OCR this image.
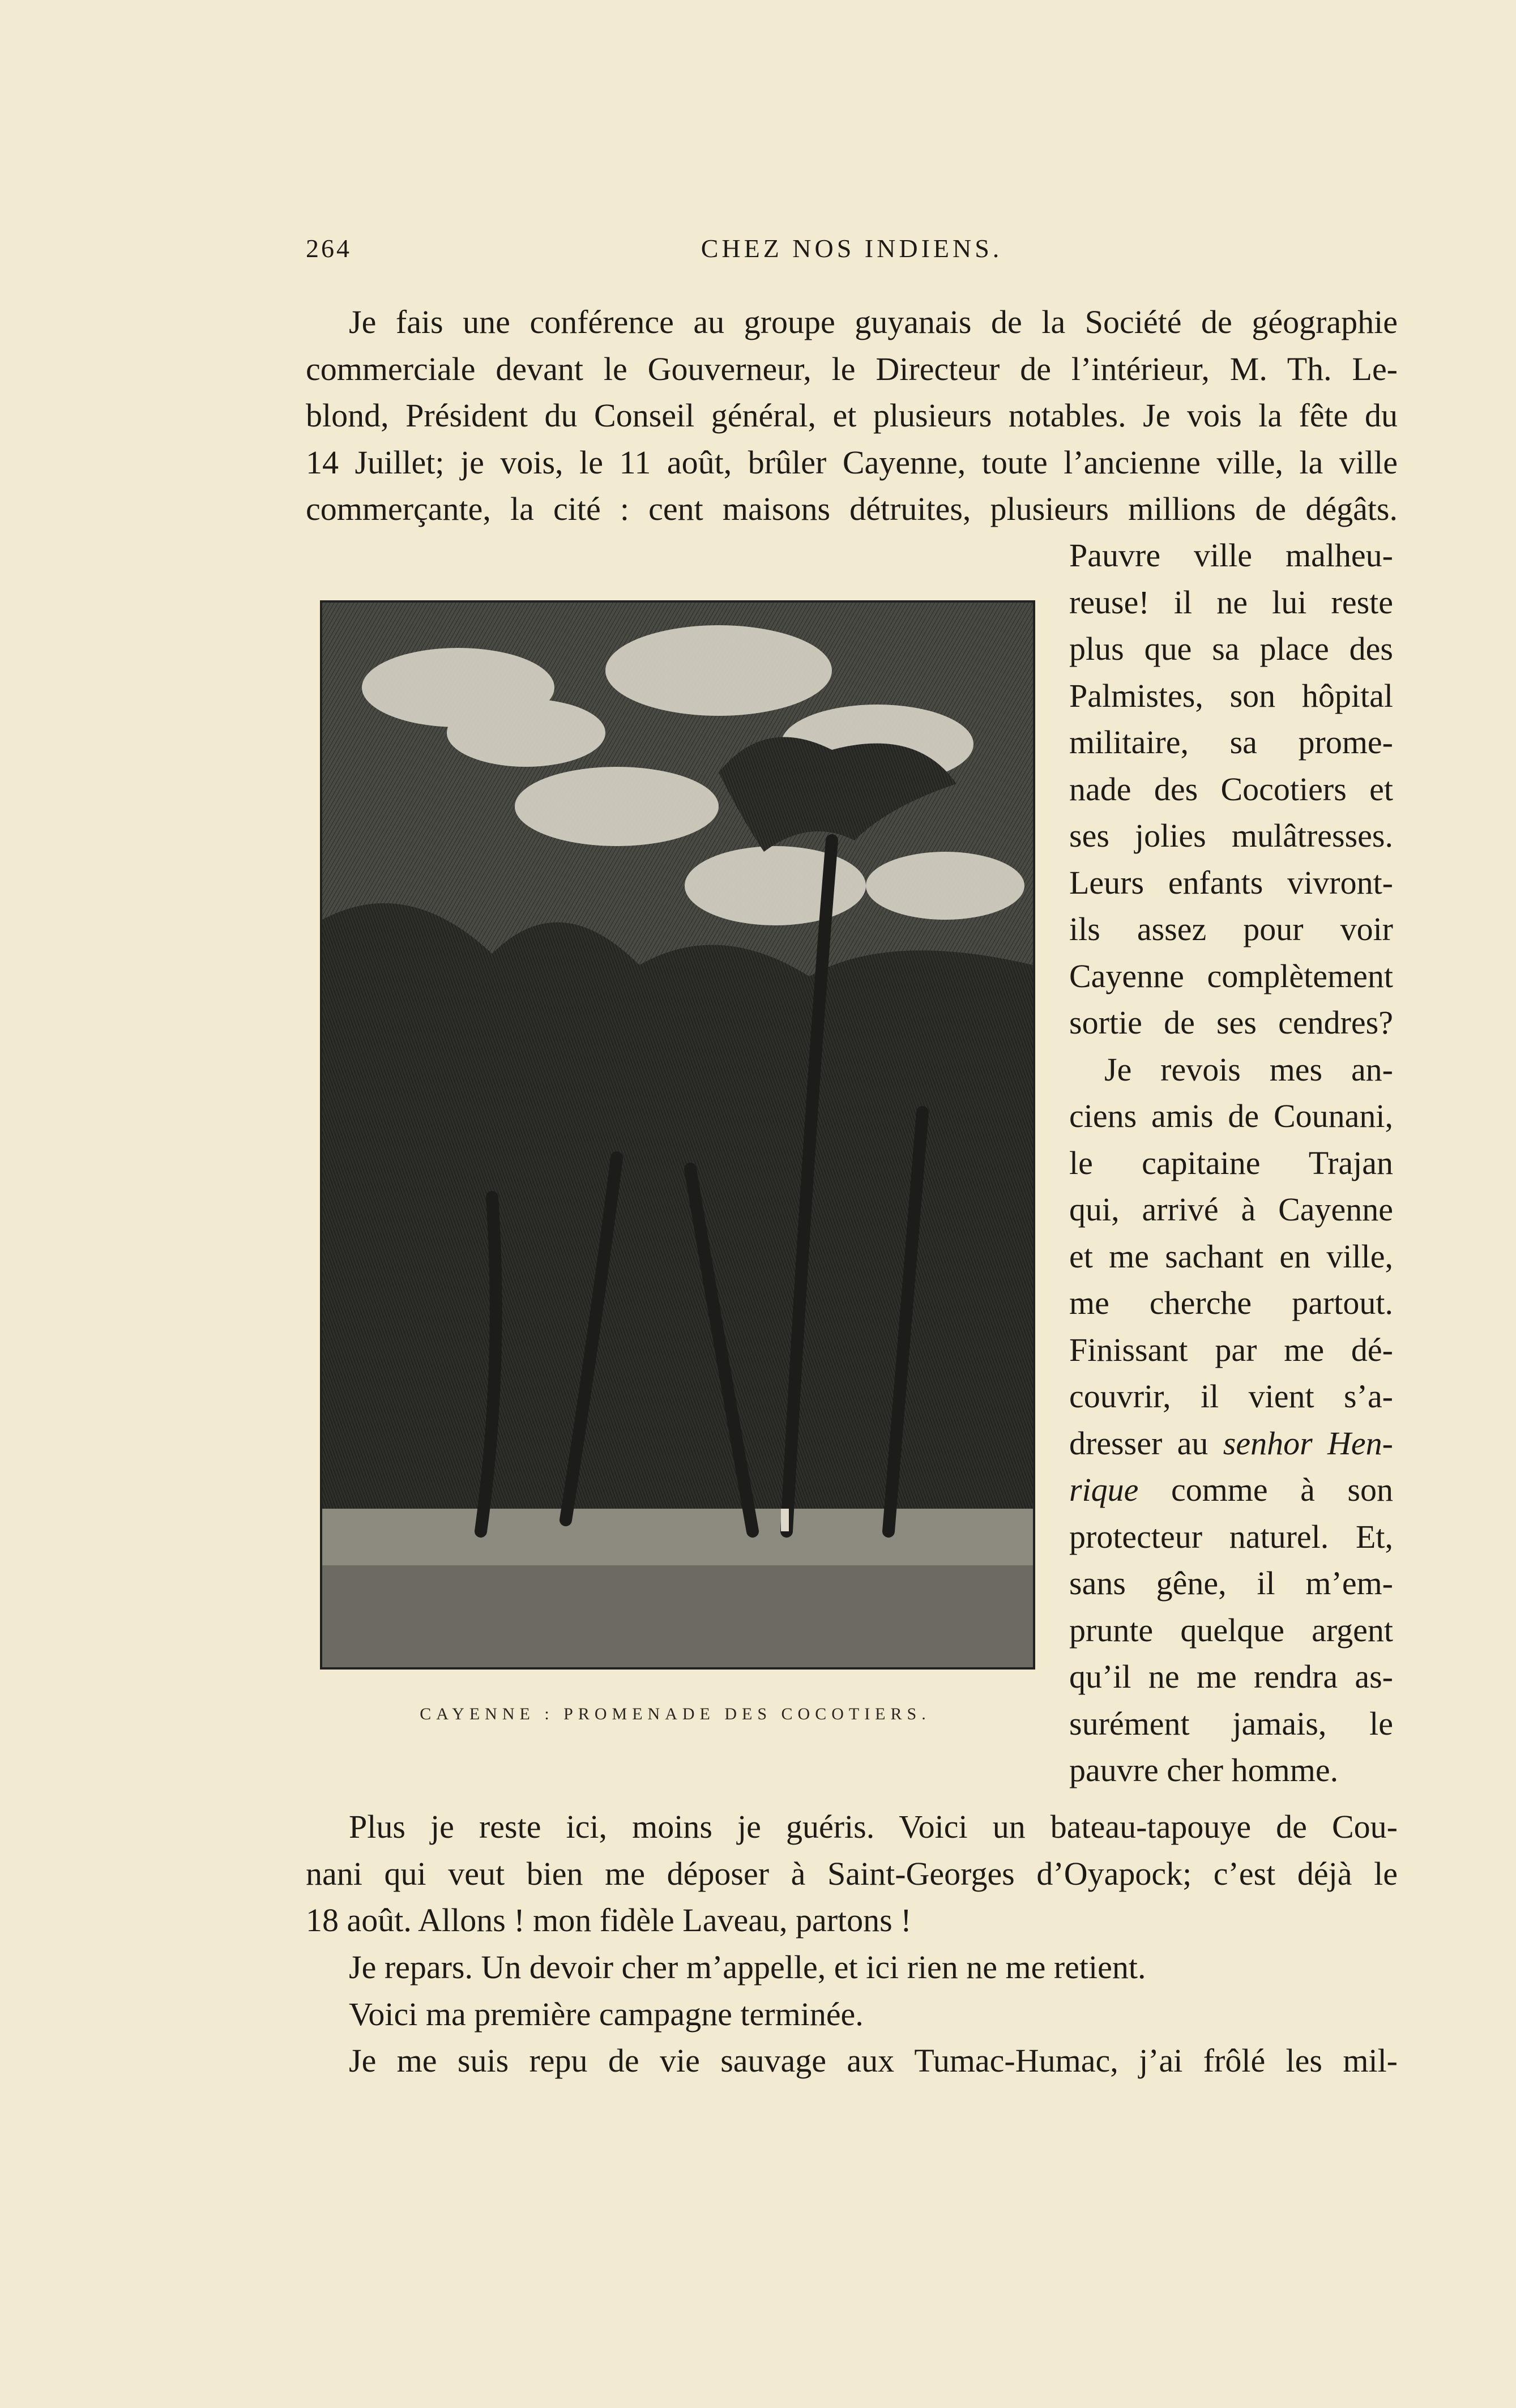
264	CHEZ NOS INDIENS.
Je fais une conférence au groupe guyanais de la Société de géographie
commerciale devant le Gouverneur, le Directeur de l’intérieur, M. Th. Le-
blond, Président du Conseil général, et plusieurs notables. Je vois la fête du
14 Juillet; je vois, le 11 août, brûler Cayenne, toute l’ancienne ville, la ville
commerçante, la cité : cent maisons détruites, plusieurs millions de dégâts.
Pauvre ville malheu-
reuse! il ne lui reste
plus que sa place des
Palmistes, son hôpital
militaire, sa prome-
nade des Cocotiers et
ses jolies mulâtresses.
Leurs enfants vivront-
ils assez pour voir
Cayenne complètement
sortie de ses cendres?
Je revois mes an-
ciens amis de Counani,
le capitaine Trajan
qui, arrivé à Cayenne
et me sachant en ville,
me cherche partout.
Finissant par me dé-
couvrir, il vient s’a-
dresser au senhor Hen-
rique comme à son
protecteur naturel. Et,
sans gêne, il m’em-
prunte quelque argent
qu’il ne me rendra as-
surément jamais, le
pauvre cher homme.
CAYENNE : PROMENADE DES COCOTIERS.
Plus je reste ici, moins je guéris. Voici un bateau-tapouye de Cou-
nani qui veut bien me déposer à Saint-Georges d’Oyapock; c’est déjà le
18 août. Allons ! mon fidèle Laveau, partons !
Je repars. Un devoir cher m’appelle, et ici rien ne me retient.
Voici ma première campagne terminée.
Je me suis repu de vie sauvage aux Tumac-Humac, j’ai frôlé les mil-
